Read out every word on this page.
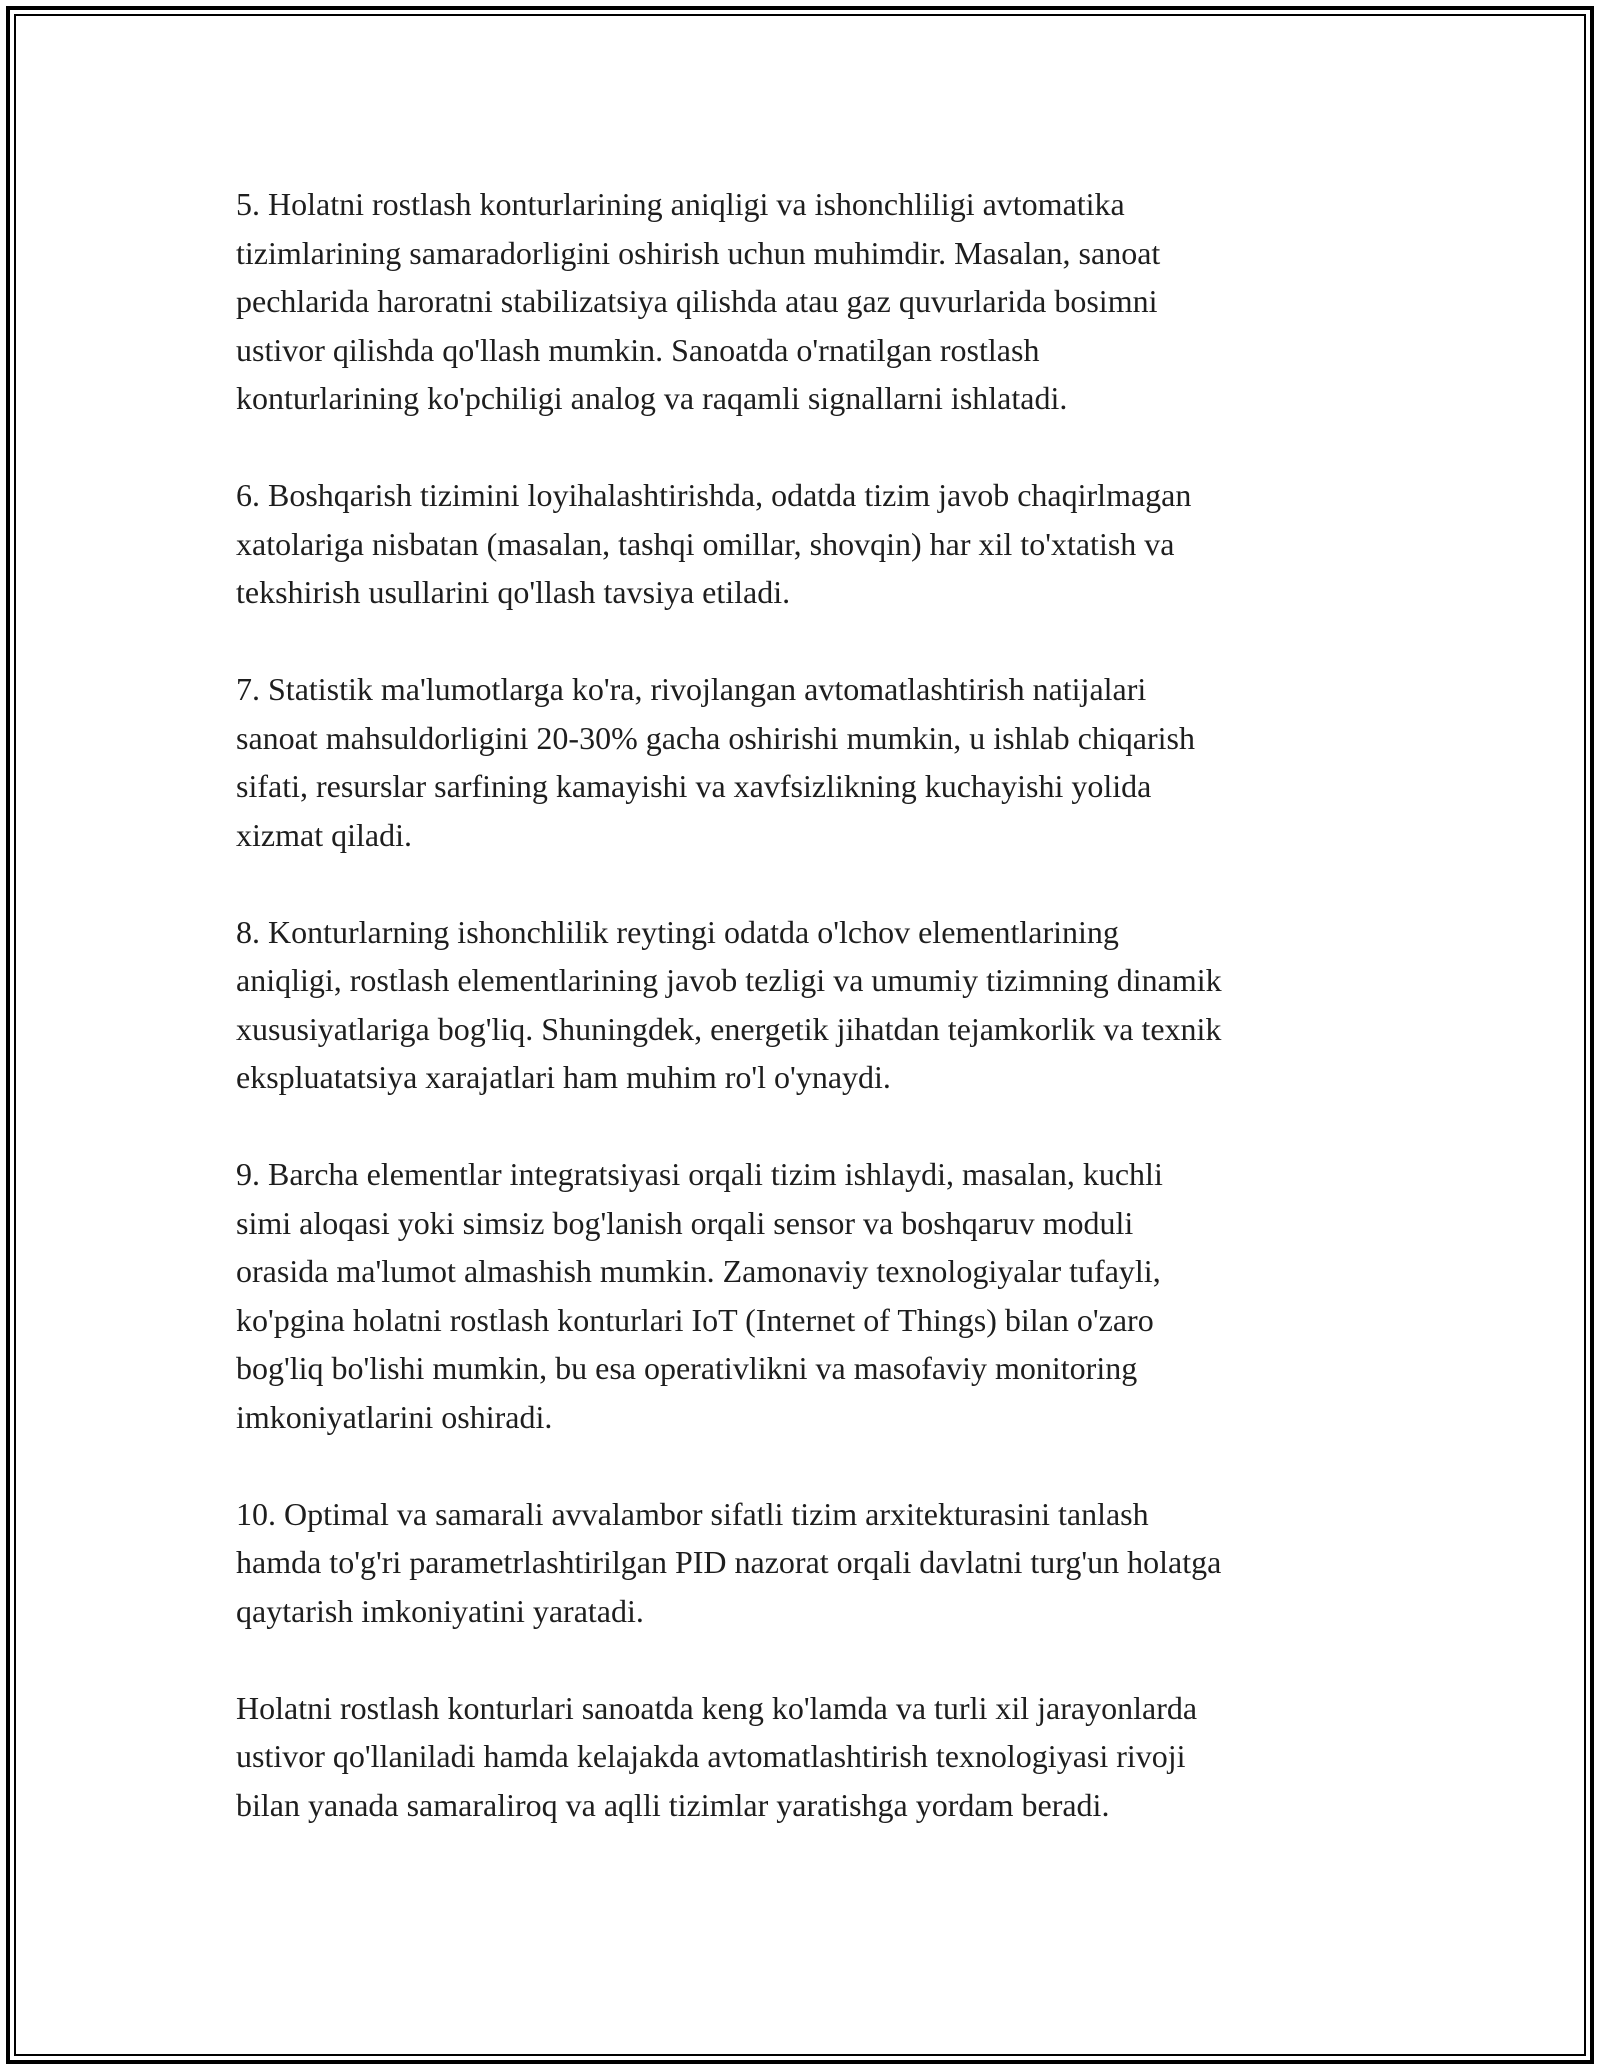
5. Holatni rostlash konturlarining aniqligi va ishonchliligi avtomatika
tizimlarining samaradorligini oshirish uchun muhimdir. Masalan, sanoat
pechlarida haroratni stabilizatsiya qilishda atau gaz quvurlarida bosimni
ustivor qilishda qo'llash mumkin. Sanoatda o'rnatilgan rostlash
konturlarining ko'pchiligi analog va raqamli signallarni ishlatadi.

6. Boshqarish tizimini loyihalashtirishda, odatda tizim javob chaqirlmagan
xatolariga nisbatan (masalan, tashqi omillar, shovqin) har xil to'xtatish va
tekshirish usullarini qo'llash tavsiya etiladi.

7. Statistik ma'lumotlarga ko'ra, rivojlangan avtomatlashtirish natijalari
sanoat mahsuldorligini 20-30% gacha oshirishi mumkin, u ishlab chiqarish
sifati, resurslar sarfining kamayishi va xavfsizlikning kuchayishi yolida
xizmat qiladi.

8. Konturlarning ishonchlilik reytingi odatda o'lchov elementlarining
aniqligi, rostlash elementlarining javob tezligi va umumiy tizimning dinamik
xususiyatlariga bog'liq. Shuningdek, energetik jihatdan tejamkorlik va texnik
ekspluatatsiya xarajatlari ham muhim ro'l o'ynaydi.

9. Barcha elementlar integratsiyasi orqali tizim ishlaydi, masalan, kuchli
simi aloqasi yoki simsiz bog'lanish orqali sensor va boshqaruv moduli
orasida ma'lumot almashish mumkin. Zamonaviy texnologiyalar tufayli,
ko'pgina holatni rostlash konturlari IoT (Internet of Things) bilan o'zaro
bog'liq bo'lishi mumkin, bu esa operativlikni va masofaviy monitoring
imkoniyatlarini oshiradi.

10. Optimal va samarali avvalambor sifatli tizim arxitekturasini tanlash
hamda to'g'ri parametrlashtirilgan PID nazorat orqali davlatni turg'un holatga
qaytarish imkoniyatini yaratadi.

Holatni rostlash konturlari sanoatda keng ko'lamda va turli xil jarayonlarda
ustivor qo'llaniladi hamda kelajakda avtomatlashtirish texnologiyasi rivoji
bilan yanada samaraliroq va aqlli tizimlar yaratishga yordam beradi.
